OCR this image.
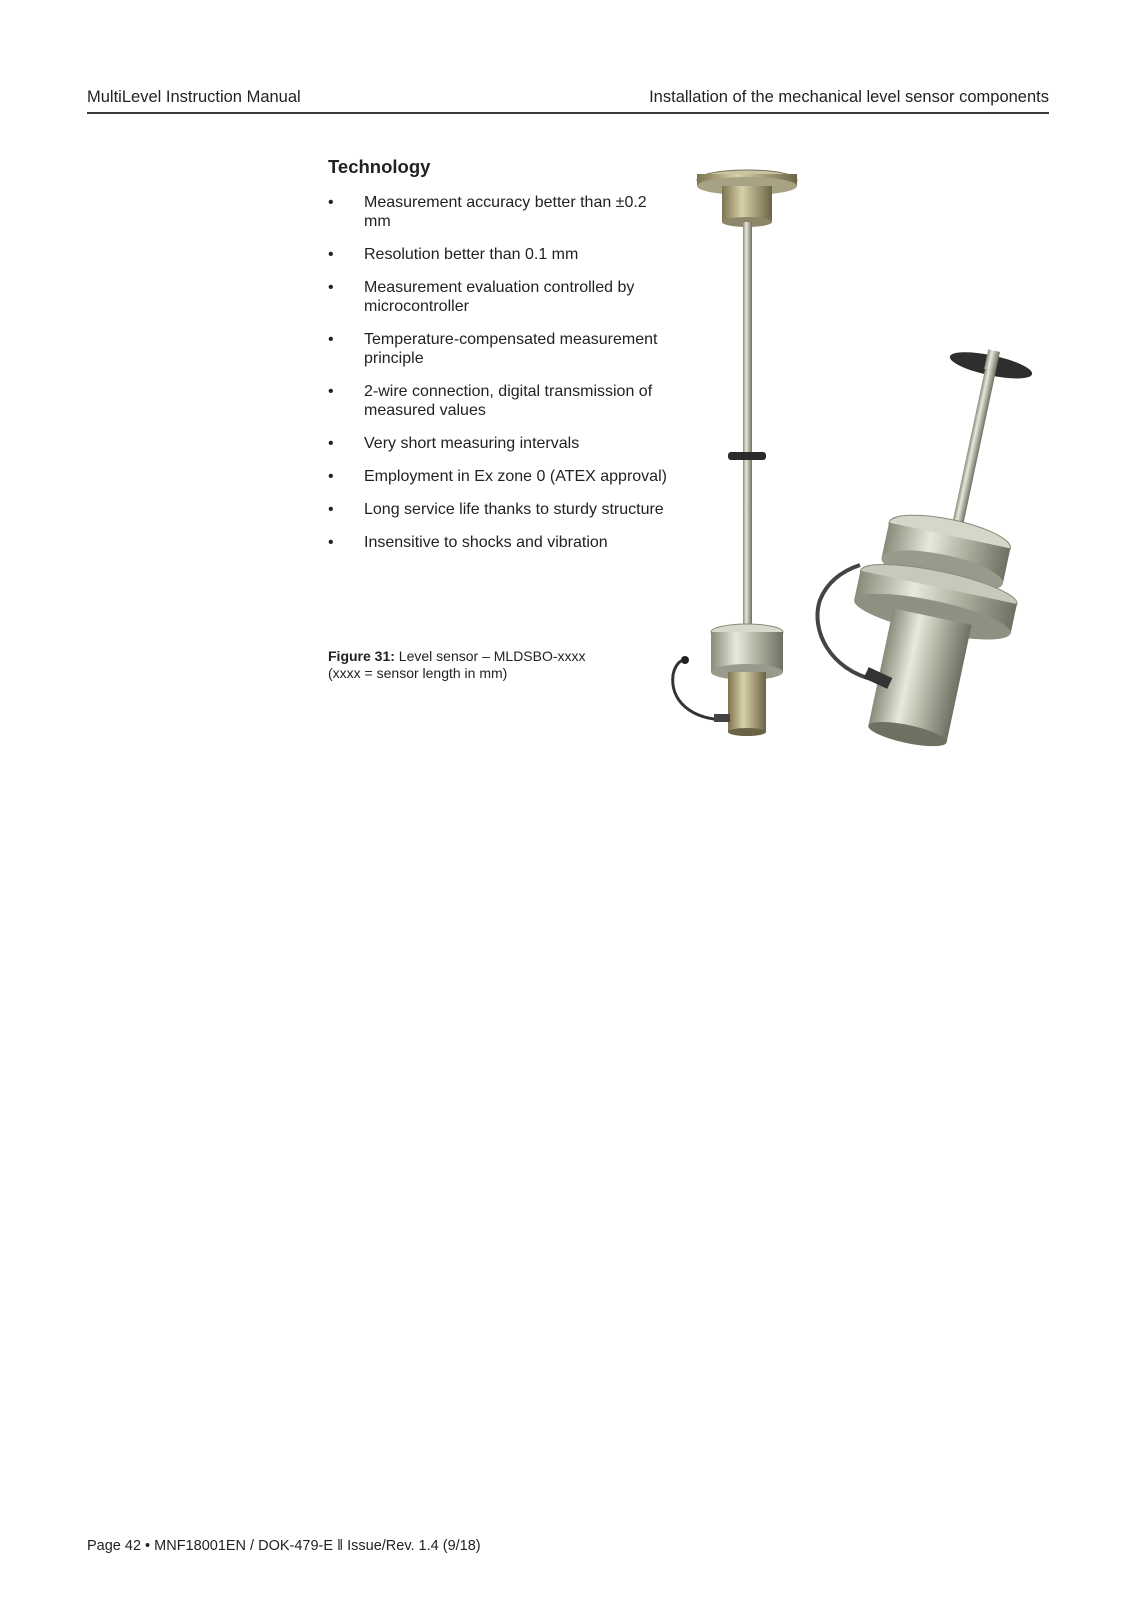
MultiLevel Instruction Manual	Installation of the mechanical level sensor components
Technology
• Measurement accuracy better than ±0.2 mm
• Resolution better than 0.1 mm
• Measurement evaluation controlled by microcontroller
• Temperature-compensated measurement principle
• 2-wire connection, digital transmission of measured values
• Very short measuring intervals
• Employment in Ex zone 0 (ATEX approval)
• Long service life thanks to sturdy structure
• Insensitive to shocks and vibration
Figure 31: Level sensor – MLDSBO-xxxx
(xxxx = sensor length in mm)
Page 42 • MNF18001EN / DOK-479-E ‖ Issue/Rev. 1.4 (9/18)
